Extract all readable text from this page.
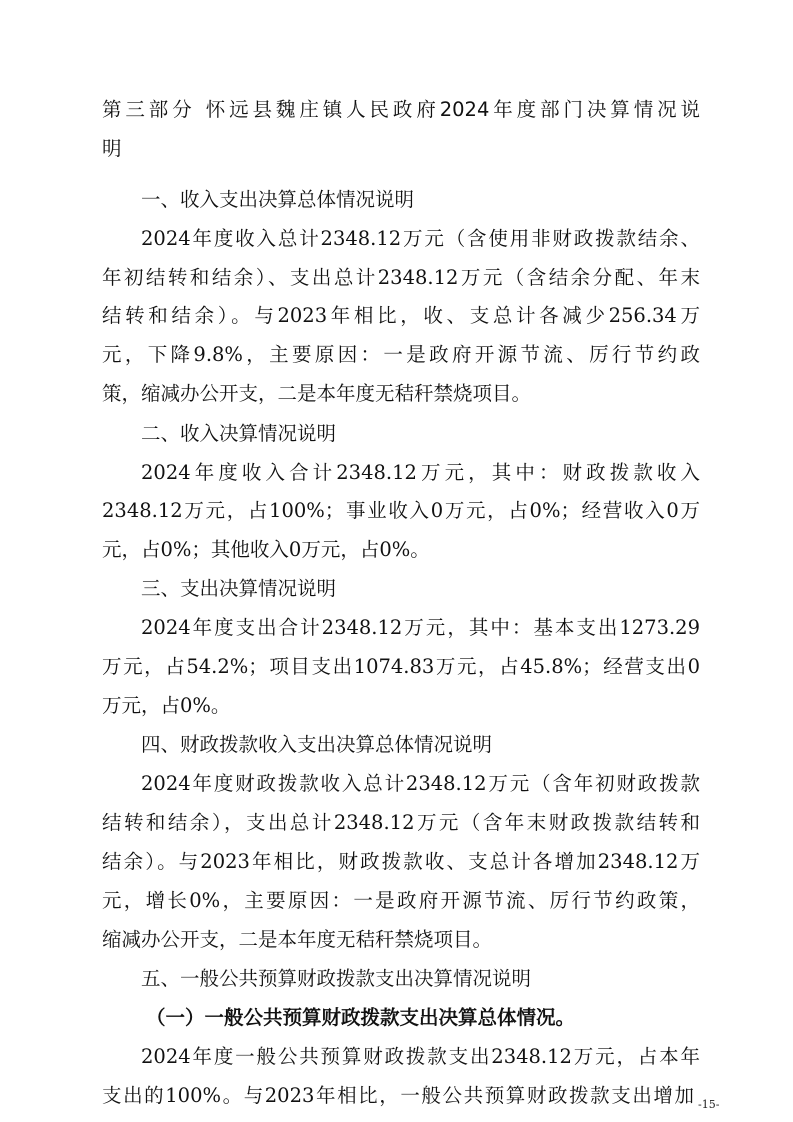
第三部分 怀远县魏庄镇人民政府2024年度部门决算情况说
明
一、收入支出决算总体情况说明
2024年度收入总计2348.12万元（含使用非财政拨款结余、
年初结转和结余）、支出总计2348.12万元（含结余分配、年末
结转和结余）。与2023年相比，收、支总计各减少256.34万
元，下降9.8%，主要原因：一是政府开源节流、厉行节约政
策，缩减办公开支，二是本年度无秸秆禁烧项目。
二、收入决算情况说明
2024年度收入合计2348.12万元，其中：财政拨款收入
2348.12万元，占100%；事业收入0万元，占0%；经营收入0万
元，占0%；其他收入0万元，占0%。
三、支出决算情况说明
2024年度支出合计2348.12万元，其中：基本支出1273.29
万元，占54.2%；项目支出1074.83万元，占45.8%；经营支出0
万元，占0%。
四、财政拨款收入支出决算总体情况说明
2024年度财政拨款收入总计2348.12万元（含年初财政拨款
结转和结余），支出总计2348.12万元（含年末财政拨款结转和
结余）。与2023年相比，财政拨款收、支总计各增加2348.12万
元，增长0%，主要原因：一是政府开源节流、厉行节约政策，
缩减办公开支，二是本年度无秸秆禁烧项目。
五、一般公共预算财政拨款支出决算情况说明
（一）一般公共预算财政拨款支出决算总体情况。
2024年度一般公共预算财政拨款支出2348.12万元，占本年
支出的100%。与2023年相比，一般公共预算财政拨款支出增加 -15-
